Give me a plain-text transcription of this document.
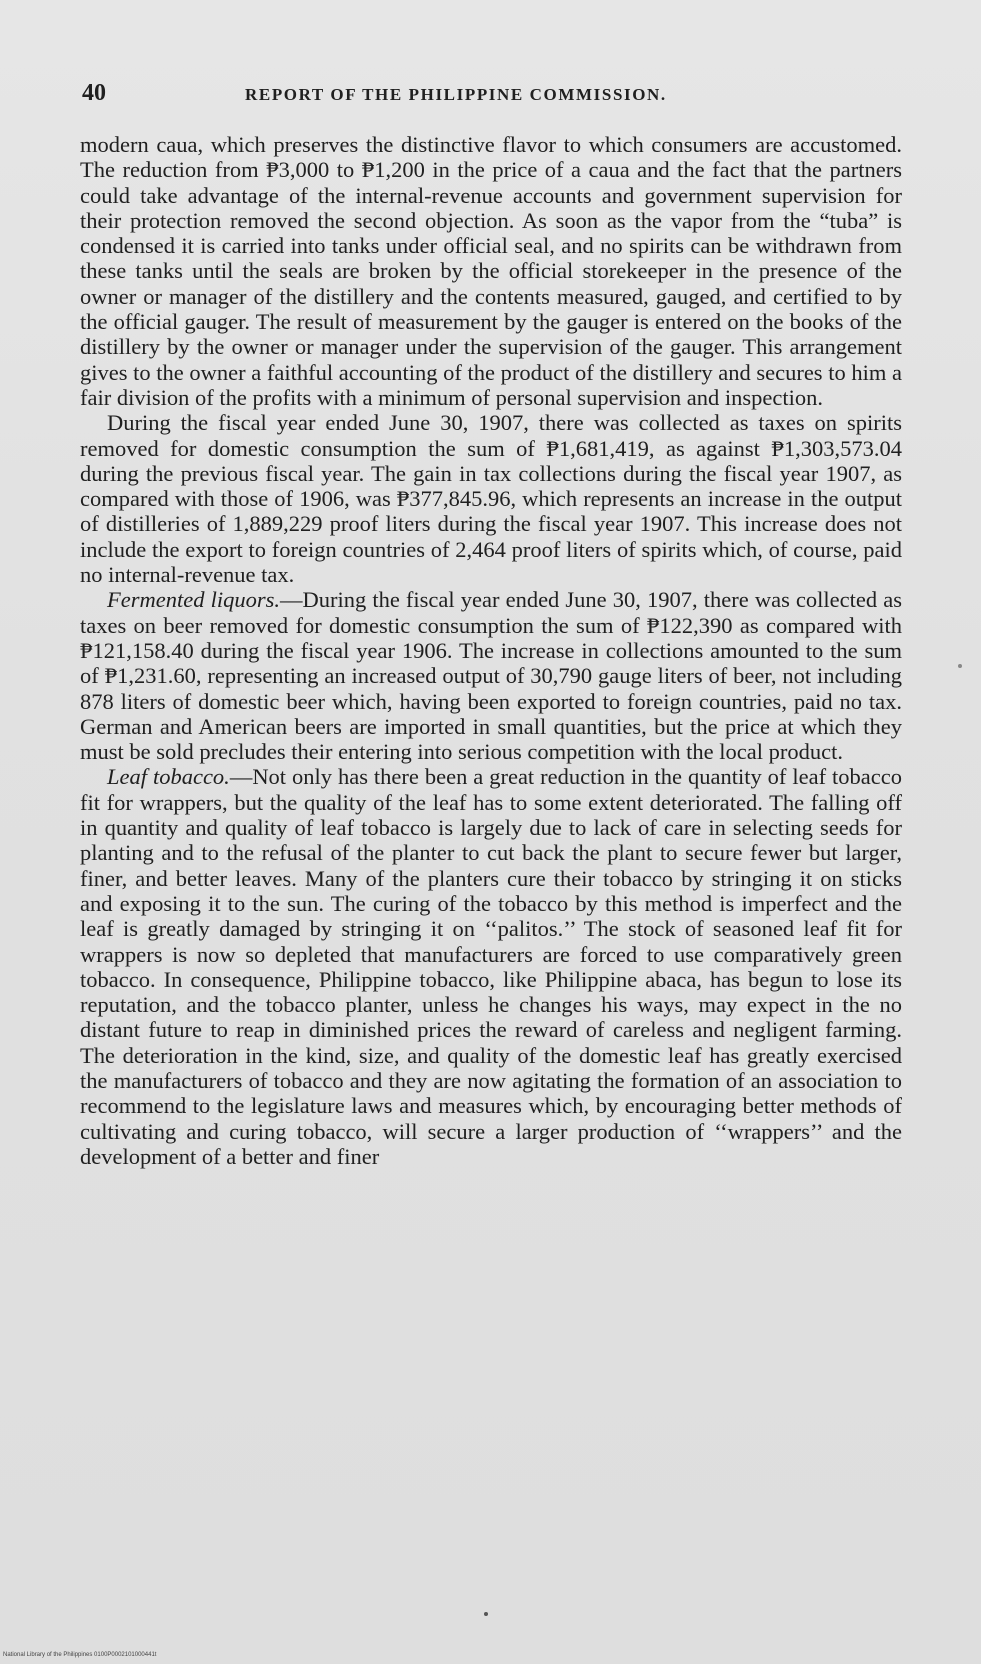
40	REPORT OF THE PHILIPPINE COMMISSION.

modern caua, which preserves the distinctive flavor to which consumers are accustomed. The reduction from ₱3,000 to ₱1,200 in the price of a caua and the fact that the partners could take advantage of the internal-revenue accounts and government supervision for their protection removed the second objection. As soon as the vapor from the “tuba” is condensed it is carried into tanks under official seal, and no spirits can be withdrawn from these tanks until the seals are broken by the official storekeeper in the presence of the owner or manager of the distillery and the contents measured, gauged, and certified to by the official gauger. The result of measurement by the gauger is entered on the books of the distillery by the owner or manager under the supervision of the gauger. This arrangement gives to the owner a faithful accounting of the product of the distillery and secures to him a fair division of the profits with a minimum of personal supervision and inspection.

During the fiscal year ended June 30, 1907, there was collected as taxes on spirits removed for domestic consumption the sum of ₱1,681,419, as against ₱1,303,573.04 during the previous fiscal year. The gain in tax collections during the fiscal year 1907, as compared with those of 1906, was ₱377,845.96, which represents an increase in the output of distilleries of 1,889,229 proof liters during the fiscal year 1907. This increase does not include the export to foreign countries of 2,464 proof liters of spirits which, of course, paid no internal-revenue tax.

Fermented liquors.—During the fiscal year ended June 30, 1907, there was collected as taxes on beer removed for domestic consumption the sum of ₱122,390 as compared with ₱121,158.40 during the fiscal year 1906. The increase in collections amounted to the sum of ₱1,231.60, representing an increased output of 30,790 gauge liters of beer, not including 878 liters of domestic beer which, having been exported to foreign countries, paid no tax. German and American beers are imported in small quantities, but the price at which they must be sold precludes their entering into serious competition with the local product.

Leaf tobacco.—Not only has there been a great reduction in the quantity of leaf tobacco fit for wrappers, but the quality of the leaf has to some extent deteriorated. The falling off in quantity and quality of leaf tobacco is largely due to lack of care in selecting seeds for planting and to the refusal of the planter to cut back the plant to secure fewer but larger, finer, and better leaves. Many of the planters cure their tobacco by stringing it on sticks and exposing it to the sun. The curing of the tobacco by this method is imperfect and the leaf is greatly damaged by stringing it on ‘‘palitos.’’ The stock of seasoned leaf fit for wrappers is now so depleted that manufacturers are forced to use comparatively green tobacco. In consequence, Philippine tobacco, like Philippine abaca, has begun to lose its reputation, and the tobacco planter, unless he changes his ways, may expect in the no distant future to reap in diminished prices the reward of careless and negligent farming. The deterioration in the kind, size, and quality of the domestic leaf has greatly exercised the manufacturers of tobacco and they are now agitating the formation of an association to recommend to the legislature laws and measures which, by encouraging better methods of cultivating and curing tobacco, will secure a larger production of ‘‘wrappers’’ and the development of a better and finer

National Library of the Philippines 0100P0002101000441t
